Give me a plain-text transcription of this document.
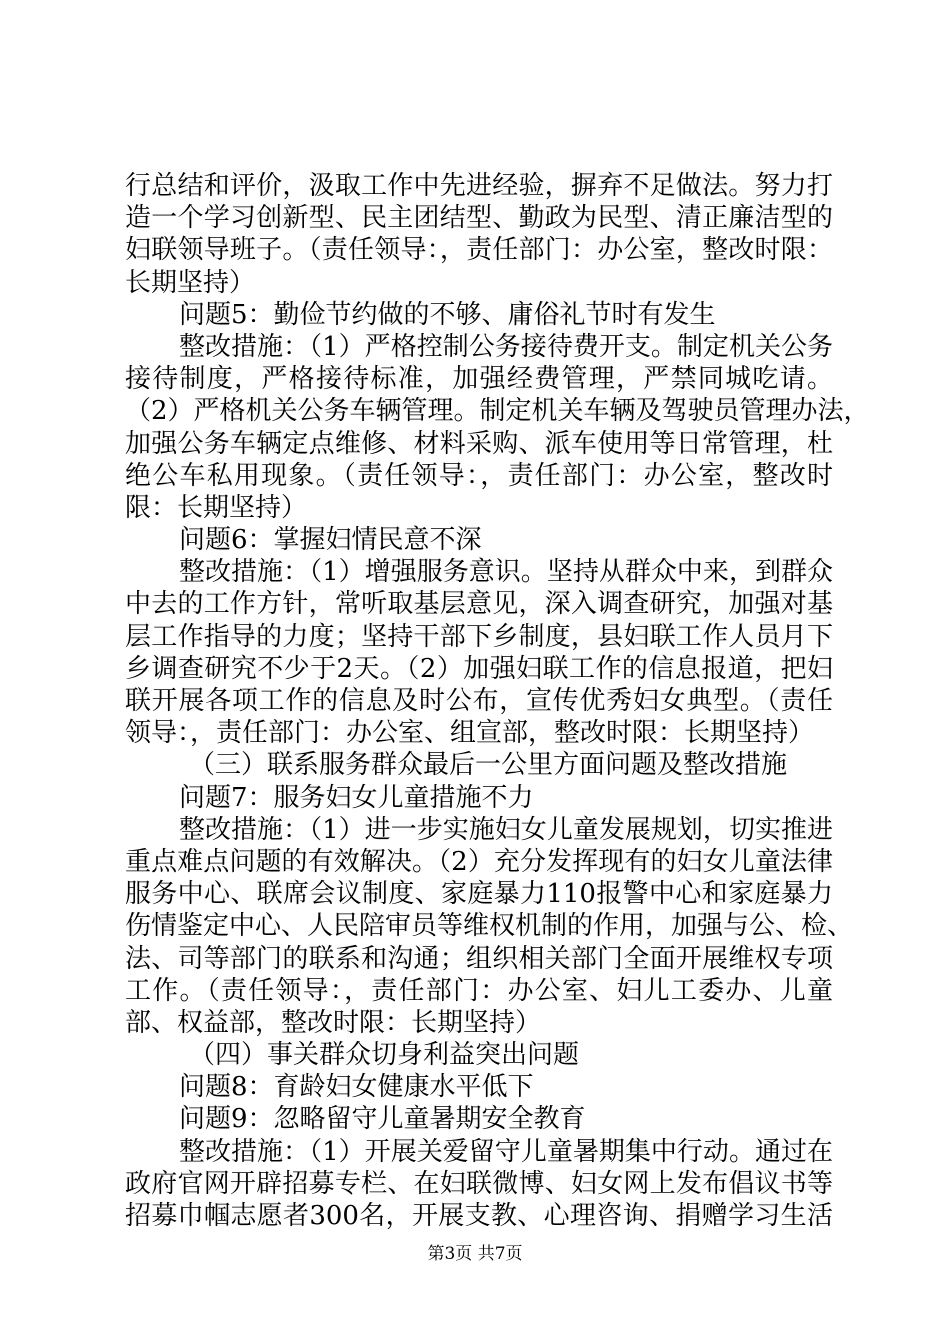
行总结和评价，汲取工作中先进经验，摒弃不足做法。努力打
造一个学习创新型、民主团结型、勤政为民型、清正廉洁型的
妇联领导班子。（责任领导：，责任部门：办公室，整改时限：
长期坚持）
问题5：勤俭节约做的不够、庸俗礼节时有发生
整改措施：（1）严格控制公务接待费开支。制定机关公务
接待制度，严格接待标准，加强经费管理，严禁同城吃请。
（2）严格机关公务车辆管理。制定机关车辆及驾驶员管理办法，
加强公务车辆定点维修、材料采购、派车使用等日常管理，杜
绝公车私用现象。（责任领导：，责任部门：办公室，整改时
限：长期坚持）
问题6：掌握妇情民意不深
整改措施：（1）增强服务意识。坚持从群众中来，到群众
中去的工作方针，常听取基层意见，深入调查研究，加强对基
层工作指导的力度；坚持干部下乡制度，县妇联工作人员月下
乡调查研究不少于2天。（2）加强妇联工作的信息报道，把妇
联开展各项工作的信息及时公布，宣传优秀妇女典型。（责任
领导：，责任部门：办公室、组宣部，整改时限：长期坚持）
（三）联系服务群众最后一公里方面问题及整改措施
问题7：服务妇女儿童措施不力
整改措施：（1）进一步实施妇女儿童发展规划，切实推进
重点难点问题的有效解决。（2）充分发挥现有的妇女儿童法律
服务中心、联席会议制度、家庭暴力110报警中心和家庭暴力
伤情鉴定中心、人民陪审员等维权机制的作用，加强与公、检、
法、司等部门的联系和沟通；组织相关部门全面开展维权专项
工作。（责任领导：，责任部门：办公室、妇儿工委办、儿童
部、权益部，整改时限：长期坚持）
（四）事关群众切身利益突出问题
问题8：育龄妇女健康水平低下
问题9：忽略留守儿童暑期安全教育
整改措施：（1）开展关爱留守儿童暑期集中行动。通过在
政府官网开辟招募专栏、在妇联微博、妇女网上发布倡议书等
招募巾帼志愿者300名，开展支教、心理咨询、捐赠学习生活
第3页 共7页
